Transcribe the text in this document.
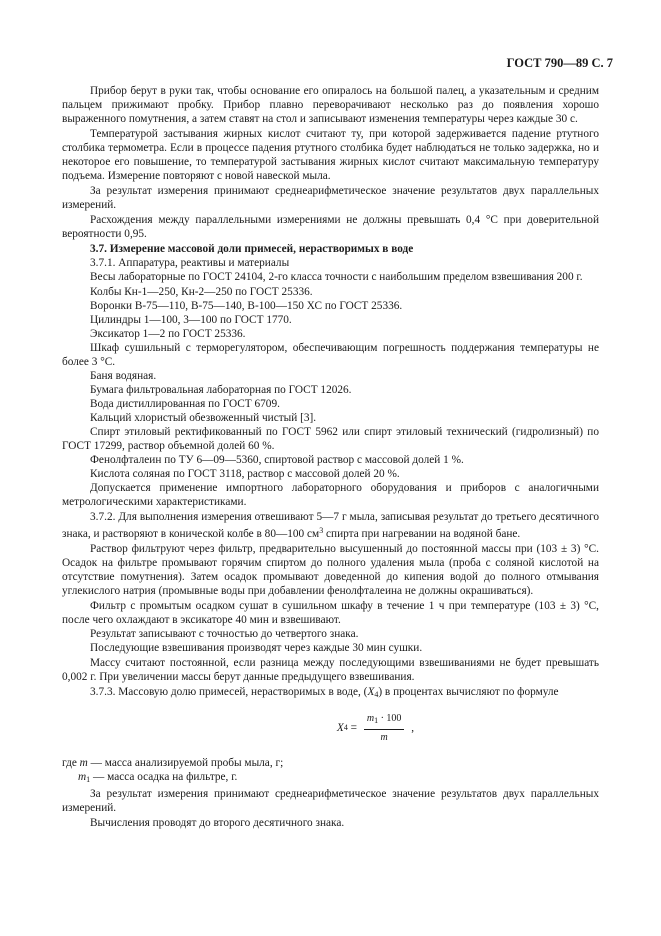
ГОСТ 790—89 С. 7

Прибор берут в руки так, чтобы основание его опиралось на большой палец, а указательным и средним пальцем прижимают пробку. Прибор плавно переворачивают несколько раз до появления хорошо выраженного помутнения, а затем ставят на стол и записывают изменения температуры через каждые 30 с.

Температурой застывания жирных кислот считают ту, при которой задерживается падение ртутного столбика термометра. Если в процессе падения ртутного столбика будет наблюдаться не только задержка, но и некоторое его повышение, то температурой застывания жирных кислот считают максимальную температуру подъема. Измерение повторяют с новой навеской мыла.

За результат измерения принимают среднеарифметическое значение результатов двух параллельных измерений.

Расхождения между параллельными измерениями не должны превышать 0,4 °С при доверительной вероятности 0,95.

3.7. Измерение массовой доли примесей, нерастворимых в воде

3.7.1. Аппаратура, реактивы и материалы

Весы лабораторные по ГОСТ 24104, 2-го класса точности с наибольшим пределом взвешивания 200 г.

Колбы Кн-1—250, Кн-2—250 по ГОСТ 25336.

Воронки В-75—110, В-75—140, В-100—150 ХС по ГОСТ 25336.

Цилиндры 1—100, 3—100 по ГОСТ 1770.

Эксикатор 1—2 по ГОСТ 25336.

Шкаф сушильный с терморегулятором, обеспечивающим погрешность поддержания температуры не более 3 °С.

Баня водяная.

Бумага фильтровальная лабораторная по ГОСТ 12026.

Вода дистиллированная по ГОСТ 6709.

Кальций хлористый обезвоженный чистый [3].

Спирт этиловый ректификованный по ГОСТ 5962 или спирт этиловый технический (гидролизный) по ГОСТ 17299, раствор объемной долей 60 %.

Фенолфталеин по ТУ 6—09—5360, спиртовой раствор с массовой долей 1 %.

Кислота соляная по ГОСТ 3118, раствор с массовой долей 20 %.

Допускается применение импортного лабораторного оборудования и приборов с аналогичными метрологическими характеристиками.

3.7.2. Для выполнения измерения отвешивают 5—7 г мыла, записывая результат до третьего десятичного знака, и растворяют в конической колбе в 80—100 $см^3$ спирта при нагревании на водяной бане.

Раствор фильтруют через фильтр, предварительно высушенный до постоянной массы при (103 ± 3) °С. Осадок на фильтре промывают горячим спиртом до полного удаления мыла (проба с соляной кислотой на отсутствие помутнения). Затем осадок промывают доведенной до кипения водой до полного отмывания углекислого натрия (промывные воды при добавлении фенолфталеина не должны окрашиваться).

Фильтр с промытым осадком сушат в сушильном шкафу в течение 1 ч при температуре (103 ± 3) °С, после чего охлаждают в эксикаторе 40 мин и взвешивают.

Результат записывают с точностью до четвертого знака.

Последующие взвешивания производят через каждые 30 мин сушки.

Массу считают постоянной, если разница между последующими взвешиваниями не будет превышать 0,002 г. При увеличении массы берут данные предыдущего взвешивания.

3.7.3. Массовую долю примесей, нерастворимых в воде, $(X_4)$ в процентах вычисляют по формуле

X $4 = \frac{m_1 \cdot 100}{m}$ ,

где m — масса анализируемой пробы мыла, г;

$m_1$ — масса осадка на фильтре, г.

За результат измерения принимают среднеарифметическое значение результатов двух параллельных измерений.

Вычисления проводят до второго десятичного знака.
